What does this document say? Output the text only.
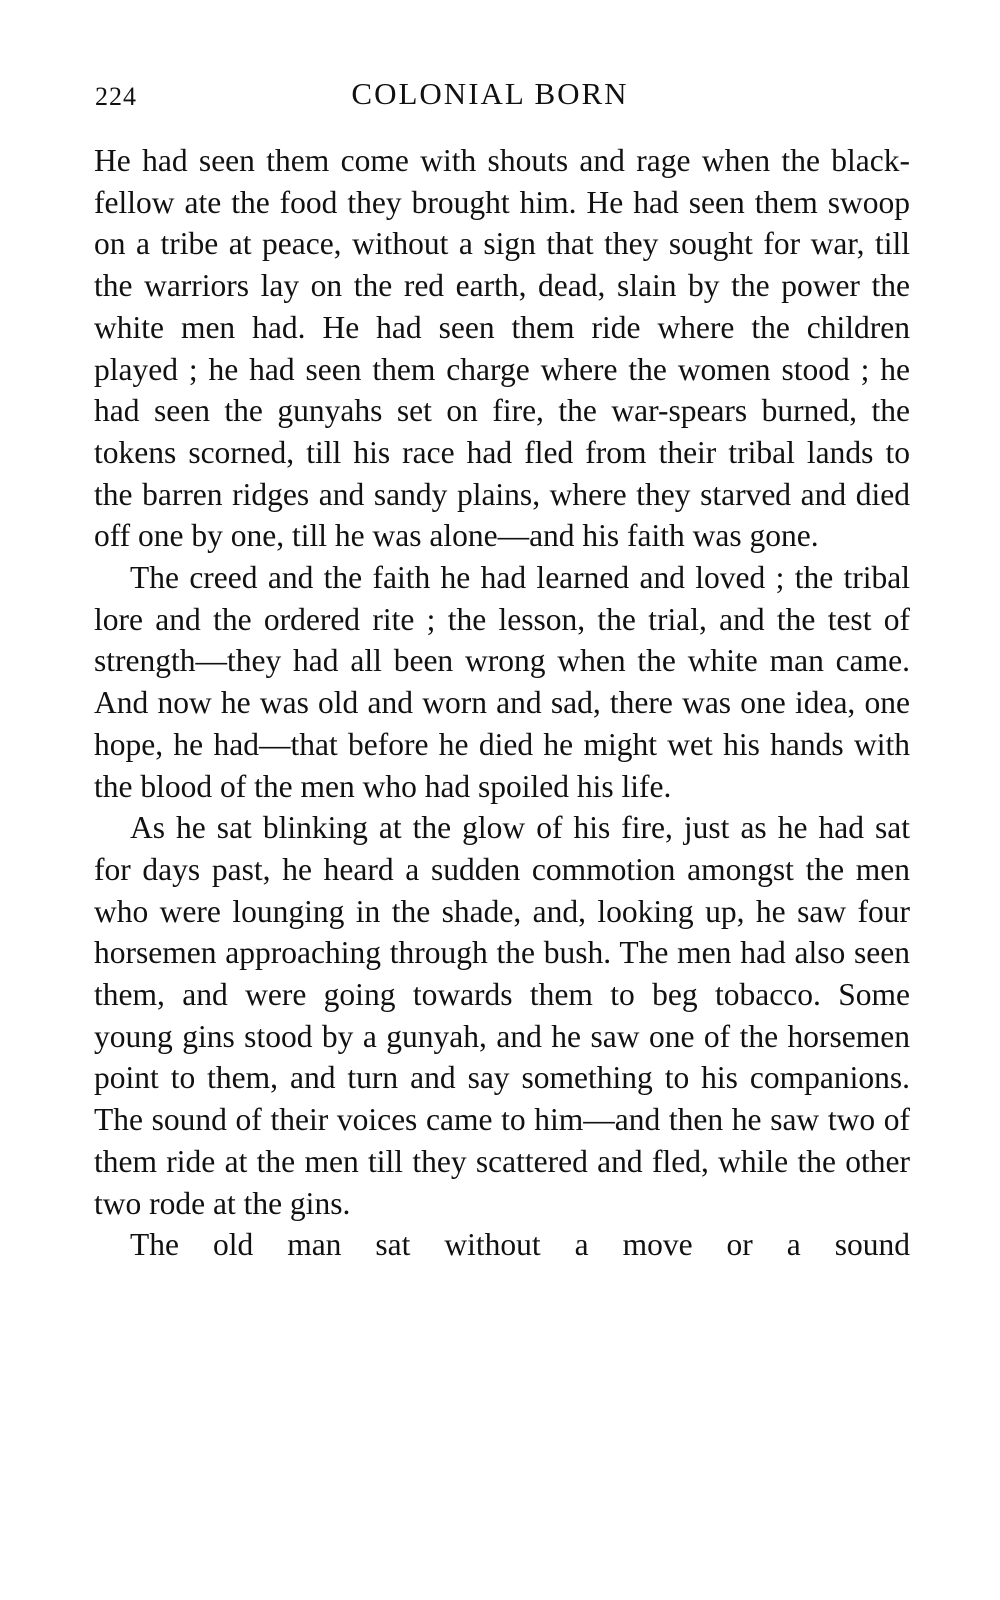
224	COLONIAL BORN

He had seen them come with shouts and rage when the black-fellow ate the food they brought him. He had seen them swoop on a tribe at peace, without a sign that they sought for war, till the warriors lay on the red earth, dead, slain by the power the white men had. He had seen them ride where the children played ; he had seen them charge where the women stood ; he had seen the gunyahs set on fire, the war-spears burned, the tokens scorned, till his race had fled from their tribal lands to the barren ridges and sandy plains, where they starved and died off one by one, till he was alone—and his faith was gone.

The creed and the faith he had learned and loved ; the tribal lore and the ordered rite ; the lesson, the trial, and the test of strength—they had all been wrong when the white man came. And now he was old and worn and sad, there was one idea, one hope, he had—that before he died he might wet his hands with the blood of the men who had spoiled his life.

As he sat blinking at the glow of his fire, just as he had sat for days past, he heard a sudden commotion amongst the men who were lounging in the shade, and, looking up, he saw four horsemen approaching through the bush. The men had also seen them, and were going towards them to beg tobacco. Some young gins stood by a gunyah, and he saw one of the horsemen point to them, and turn and say something to his companions. The sound of their voices came to him—and then he saw two of them ride at the men till they scattered and fled, while the other two rode at the gins.

The old man sat without a move or a sound
